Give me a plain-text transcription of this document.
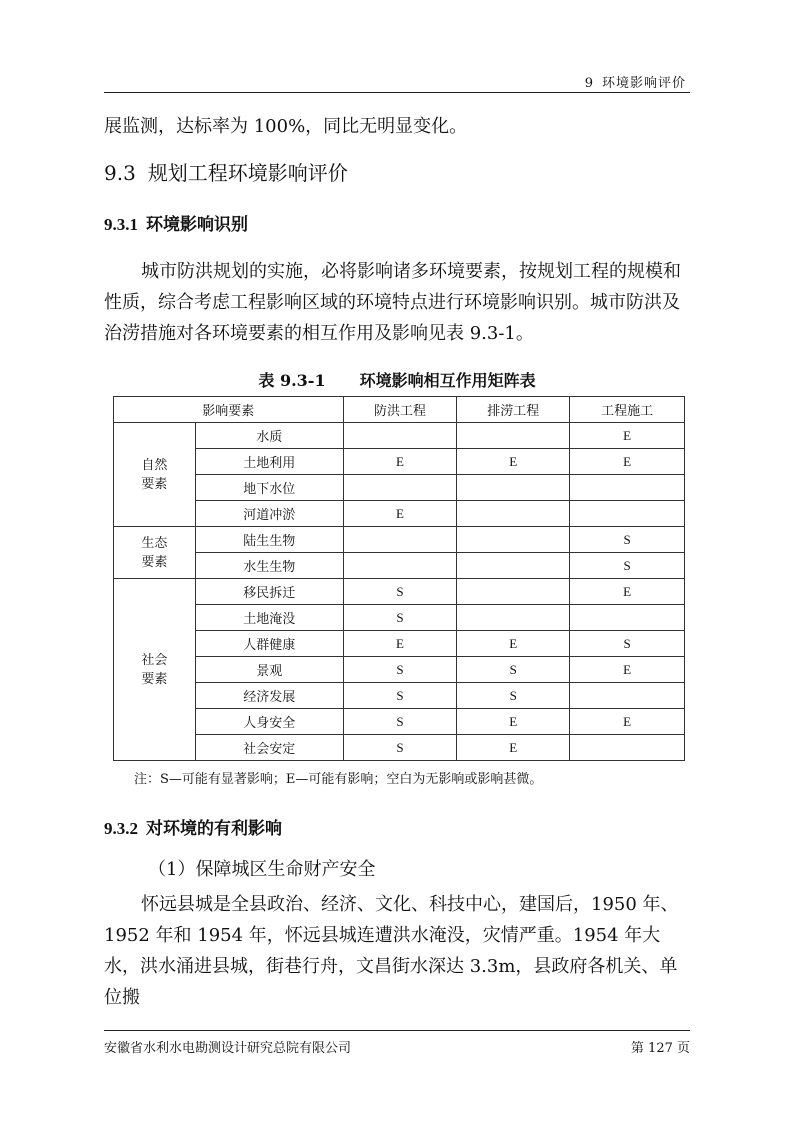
9 环境影响评价

展监测，达标率为 100%，同比无明显变化。

9.3 规划工程环境影响评价
9.3.1 环境影响识别

城市防洪规划的实施，必将影响诸多环境要素，按规划工程的规模和性质，综合考虑工程影响区域的环境特点进行环境影响识别。城市防洪及治涝措施对各环境要素的相互作用及影响见表 9.3-1。

表 9.3-1 环境影响相互作用矩阵表
影响要素		防洪工程	排涝工程	工程施工
自然
要素	水质			E
	土地利用	E	E	E
	地下水位			
	河道冲淤	E		
生态
要素	陆生生物			S
	水生生物			S
社会
要素	移民拆迁	S		E
	土地淹没	S		
	人群健康	E	E	S
	景观	S	S	E
	经济发展	S	S	
	人身安全	S	E	E
	社会安定	S	E	
注：S—可能有显著影响；E—可能有影响；空白为无影响或影响甚微。
9.3.2 对环境的有利影响
（1）保障城区生命财产安全

怀远县城是全县政治、经济、文化、科技中心，建国后，1950 年、1952 年和 1954 年，怀远县城连遭洪水淹没，灾情严重。1954 年大水，洪水涌进县城，街巷行舟，文昌街水深达 3.3m，县政府各机关、单位搬

安徽省水利水电勘测设计研究总院有限公司	第 127 页
